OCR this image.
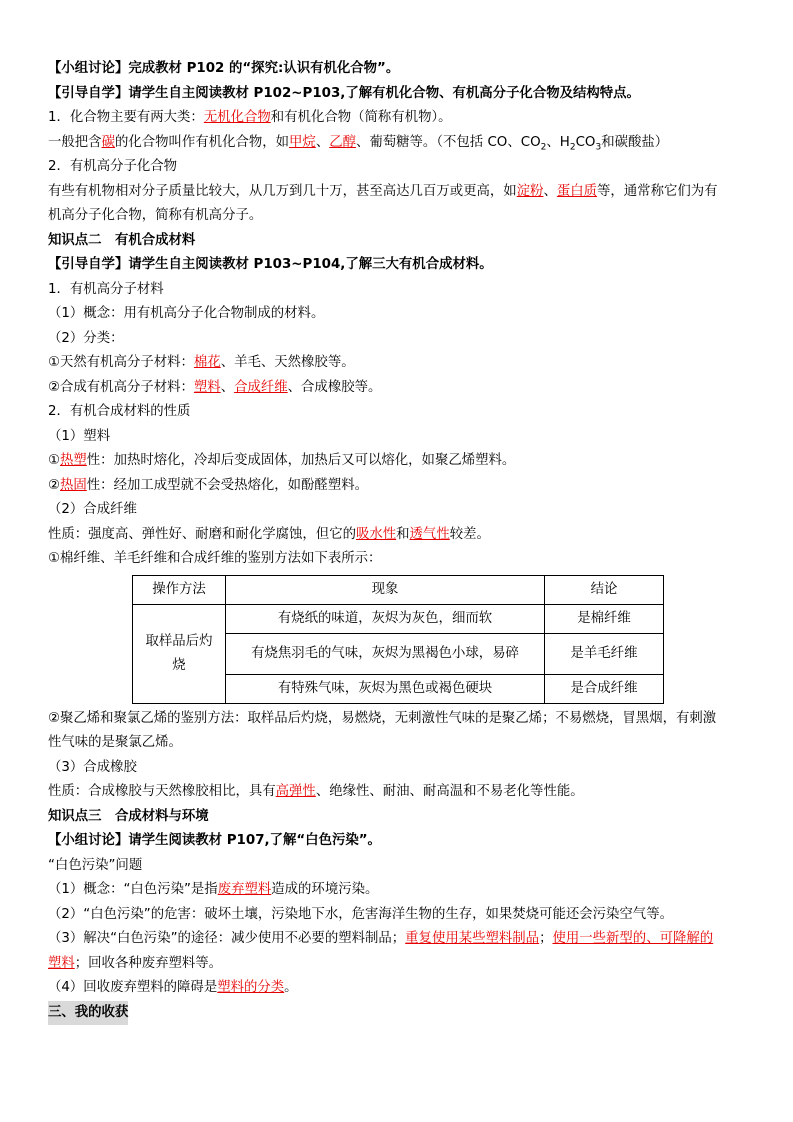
【小组讨论】完成教材 P102 的“探究:认识有机化合物”。
【引导自学】请学生自主阅读教材 P102~P103,了解有机化合物、有机高分子化合物及结构特点。
1．化合物主要有两大类：无机化合物和有机化合物（简称有机物）。
一般把含碳的化合物叫作有机化合物，如甲烷、乙醇、葡萄糖等。（不包括 CO、$CO_2$、$H_2CO_3$和碳酸盐）
2．有机高分子化合物
有些有机物相对分子质量比较大，从几万到几十万，甚至高达几百万或更高，如淀粉、蛋白质等，通常称它们为有
机高分子化合物，简称有机高分子。
知识点二　有机合成材料
【引导自学】请学生自主阅读教材 P103~P104,了解三大有机合成材料。
1．有机高分子材料
（1）概念：用有机高分子化合物制成的材料。
（2）分类：
①天然有机高分子材料：棉花、羊毛、天然橡胶等。
②合成有机高分子材料：塑料、合成纤维、合成橡胶等。
2．有机合成材料的性质
（1）塑料
①热塑性：加热时熔化，冷却后变成固体，加热后又可以熔化，如聚乙烯塑料。
②热固性：经加工成型就不会受热熔化，如酚醛塑料。
（2）合成纤维
性质：强度高、弹性好、耐磨和耐化学腐蚀，但它的吸水性和透气性较差。
①棉纤维、羊毛纤维和合成纤维的鉴别方法如下表所示：
操作方法	现象	结论
取样品后灼烧	有烧纸的味道，灰烬为灰色，细而软	是棉纤维
	有烧焦羽毛的气味，灰烬为黑褐色小球，易碎	是羊毛纤维
	有特殊气味，灰烬为黑色或褐色硬块	是合成纤维
②聚乙烯和聚氯乙烯的鉴别方法：取样品后灼烧，易燃烧，无刺激性气味的是聚乙烯；不易燃烧，冒黑烟，有刺激
性气味的是聚氯乙烯。
（3）合成橡胶
性质：合成橡胶与天然橡胶相比，具有高弹性、绝缘性、耐油、耐高温和不易老化等性能。
知识点三　合成材料与环境
【小组讨论】请学生阅读教材 P107,了解“白色污染”。
“白色污染”问题
（1）概念：“白色污染”是指废弃塑料造成的环境污染。
（2）“白色污染”的危害：破坏土壤，污染地下水，危害海洋生物的生存，如果焚烧可能还会污染空气等。
（3）解决“白色污染”的途径：减少使用不必要的塑料制品；重复使用某些塑料制品；使用一些新型的、可降解的
塑料；回收各种废弃塑料等。
（4）回收废弃塑料的障碍是塑料的分类。
三、我的收获
